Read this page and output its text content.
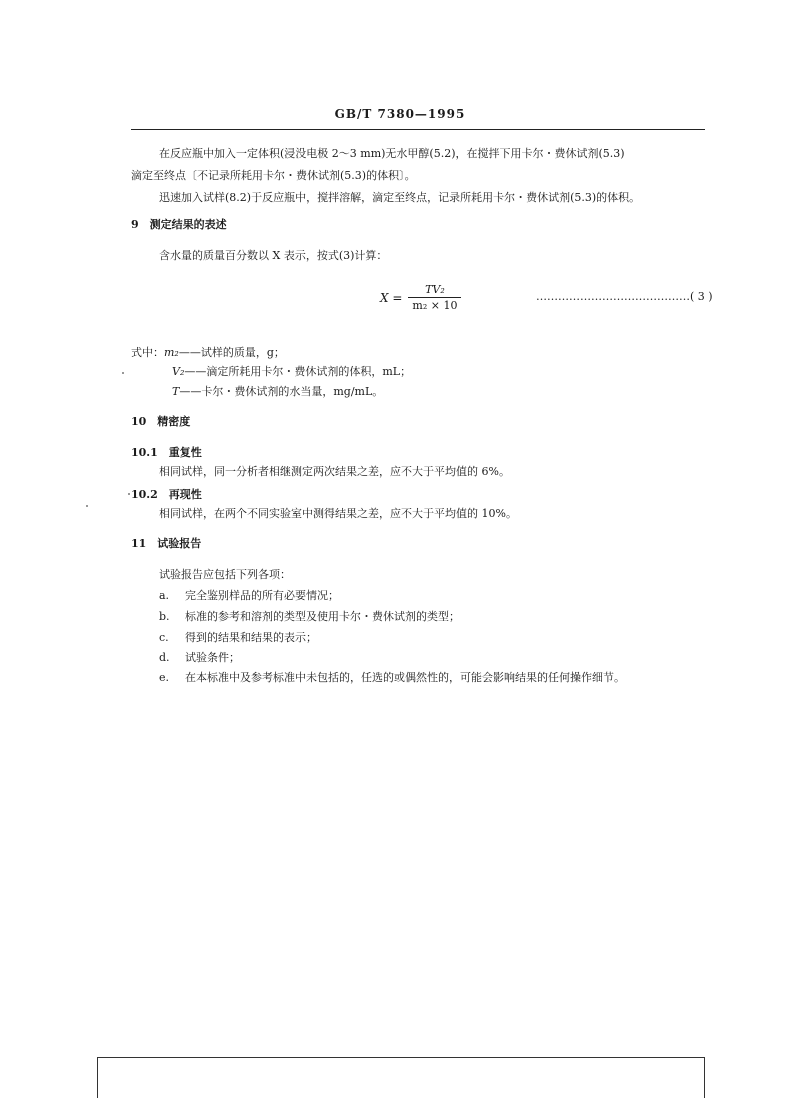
GB/T 7380—1995
在反应瓶中加入一定体积(浸没电极 2～3 mm)无水甲醇(5.2)，在搅拌下用卡尔・费休试剂(5.3)
滴定至终点〔不记录所耗用卡尔・费休试剂(5.3)的体积〕。
迅速加入试样(8.2)于反应瓶中，搅拌溶解，滴定至终点，记录所耗用卡尔・费休试剂(5.3)的体积。
9　测定结果的表述
含水量的质量百分数以 X 表示，按式(3)计算：
$X = \frac{\text{TV₂}}{\text{m₂ × 10}}$	……………………………………( 3 )
式中：m₂——试样的质量，g；
V₂——滴定所耗用卡尔・费休试剂的体积，mL；
T——卡尔・费休试剂的水当量，mg/mL。
10　精密度
10.1　重复性
相同试样，同一分析者相继测定两次结果之差，应不大于平均值的 6%。
10.2　再现性
相同试样，在两个不同实验室中测得结果之差，应不大于平均值的 10%。
11　试验报告
试验报告应包括下列各项：
a. 完全鉴别样品的所有必要情况；
b. 标准的参考和溶剂的类型及使用卡尔・费休试剂的类型；
c. 得到的结果和结果的表示；
d. 试验条件；
e. 在本标准中及参考标准中未包括的，任选的或偶然性的，可能会影响结果的任何操作细节。
